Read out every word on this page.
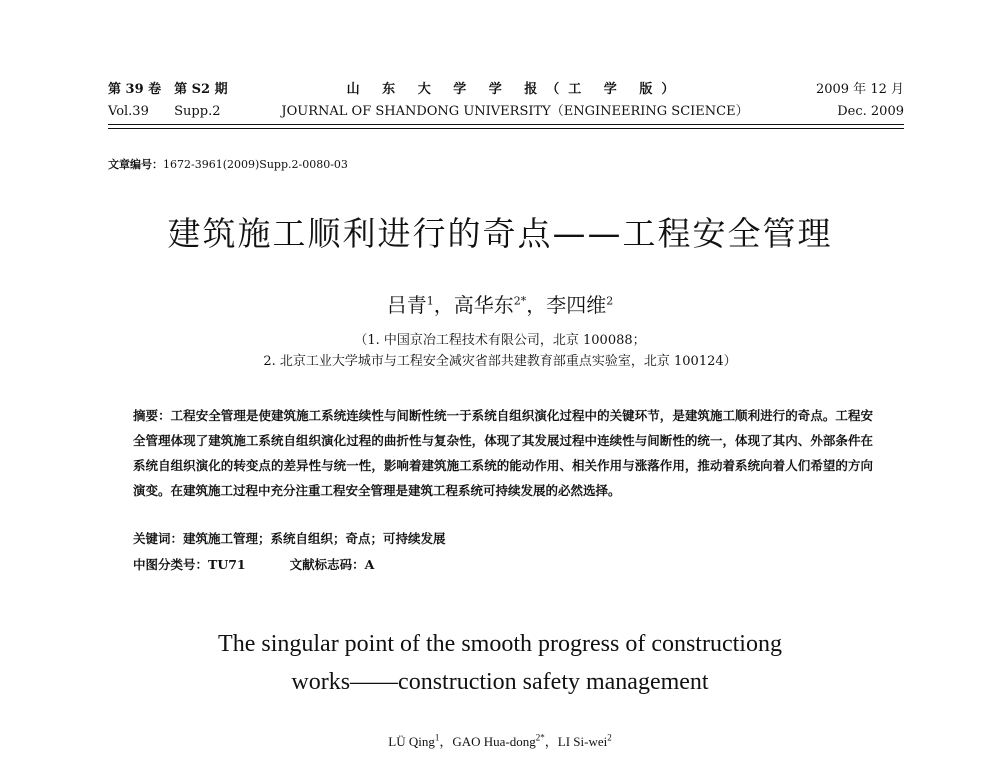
第 39 卷 第 S2 期
Vol.39 Supp.2
山 东 大 学 学 报（工 学 版）
JOURNAL OF SHANDONG UNIVERSITY（ENGINEERING SCIENCE）
2009 年 12 月
Dec. 2009
文章编号：1672-3961(2009)Supp.2-0080-03
建筑施工顺利进行的奇点——工程安全管理
吕青$^1$，高华东$^{2*}$，李四维$^2$
（1. 中国京冶工程技术有限公司，北京 100088；
2. 北京工业大学城市与工程安全减灾省部共建教育部重点实验室，北京 100124）
摘要：工程安全管理是使建筑施工系统连续性与间断性统一于系统自组织演化过程中的关键环节，是建筑施工顺利进行的奇点。工程安全管理体现了建筑施工系统自组织演化过程的曲折性与复杂性，体现了其发展过程中连续性与间断性的统一，体现了其内、外部条件在系统自组织演化的转变点的差异性与统一性，影响着建筑施工系统的能动作用、相关作用与涨落作用，推动着系统向着人们希望的方向演变。在建筑施工过程中充分注重工程安全管理是建筑工程系统可持续发展的必然选择。
关键词：建筑施工管理；系统自组织；奇点；可持续发展
中图分类号：TU71	文献标志码：A
The singular point of the smooth progress of constructiong
works——construction safety management
LÜ Qing$^1$，GAO Hua-dong$^{2*}$，LI Si-wei$^2$
